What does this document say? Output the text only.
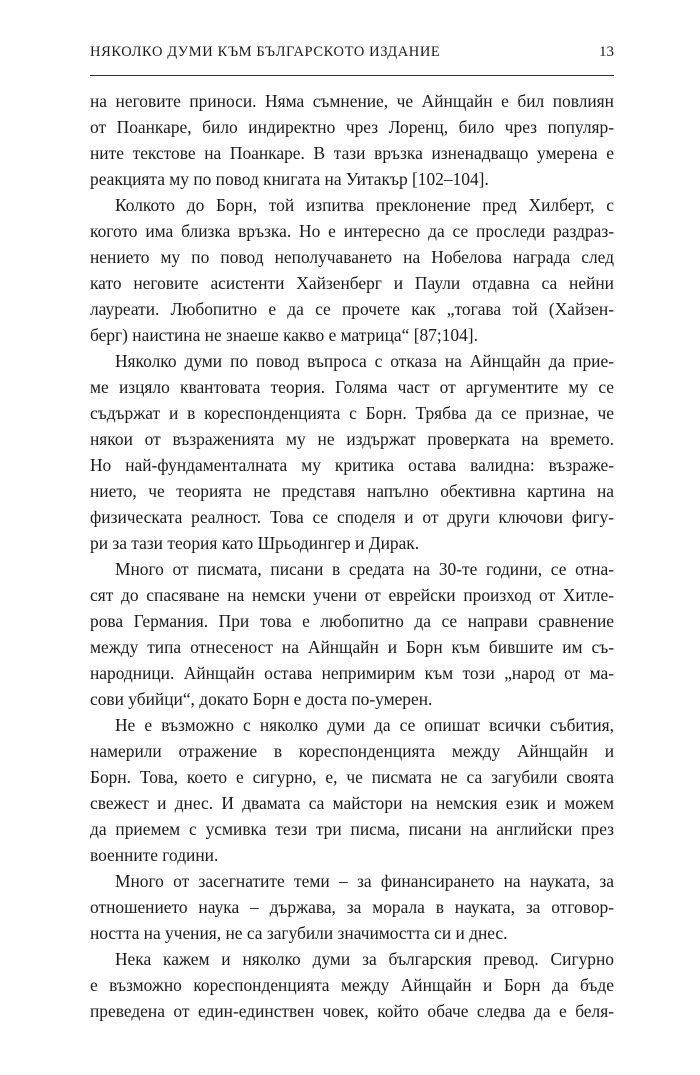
НЯКОЛКО ДУМИ КЪМ БЪЛГАРСКОТО ИЗДАНИЕ	13
на неговите приноси. Няма съмнение, че Айнщайн е бил повлиян
от Поанкаре, било индиректно чрез Лоренц, било чрез популяр-
ните текстове на Поанкаре. В тази връзка изненадващо умерена е
реакцията му по повод книгата на Уитакър [102–104].
Колкото до Борн, той изпитва преклонение пред Хилберт, с
когото има близка връзка. Но е интересно да се проследи раздраз-
нението му по повод неполучаването на Нобелова награда след
като неговите асистенти Хайзенберг и Паули отдавна са нейни
лауреати. Любопитно е да се прочете как „тогава той (Хайзен-
берг) наистина не знаеше какво е матрица“ [87;104].
Няколко думи по повод въпроса с отказа на Айнщайн да прие-
ме изцяло квантовата теория. Голяма част от аргументите му се
съдържат и в кореспонденцията с Борн. Трябва да се признае, че
някои от възраженията му не издържат проверката на времето.
Но най-фундаменталната му критика остава валидна: възраже-
нието, че теорията не представя напълно обективна картина на
физическата реалност. Това се споделя и от други ключови фигу-
ри за тази теория като Шрьодингер и Дирак.
Много от писмата, писани в средата на 30-те години, се отна-
сят до спасяване на немски учени от еврейски произход от Хитле-
рова Германия. При това е любопитно да се направи сравнение
между типа отнесеност на Айнщайн и Борн към бившите им съ-
народници. Айнщайн остава непримирим към този „народ от ма-
сови убийци“, докато Борн е доста по-умерен.
Не е възможно с няколко думи да се опишат всички събития,
намерили отражение в кореспонденцията между Айнщайн и
Борн. Това, което е сигурно, е, че писмата не са загубили своята
свежест и днес. И двамата са майстори на немския език и можем
да приемем с усмивка тези три писма, писани на английски през
военните години.
Много от засегнатите теми – за финансирането на науката, за
отношението наука – държава, за морала в науката, за отговор-
ността на учения, не са загубили значимостта си и днес.
Нека кажем и няколко думи за българския превод. Сигурно
е възможно кореспонденцията между Айнщайн и Борн да бъде
преведена от един-единствен човек, който обаче следва да е беля-
